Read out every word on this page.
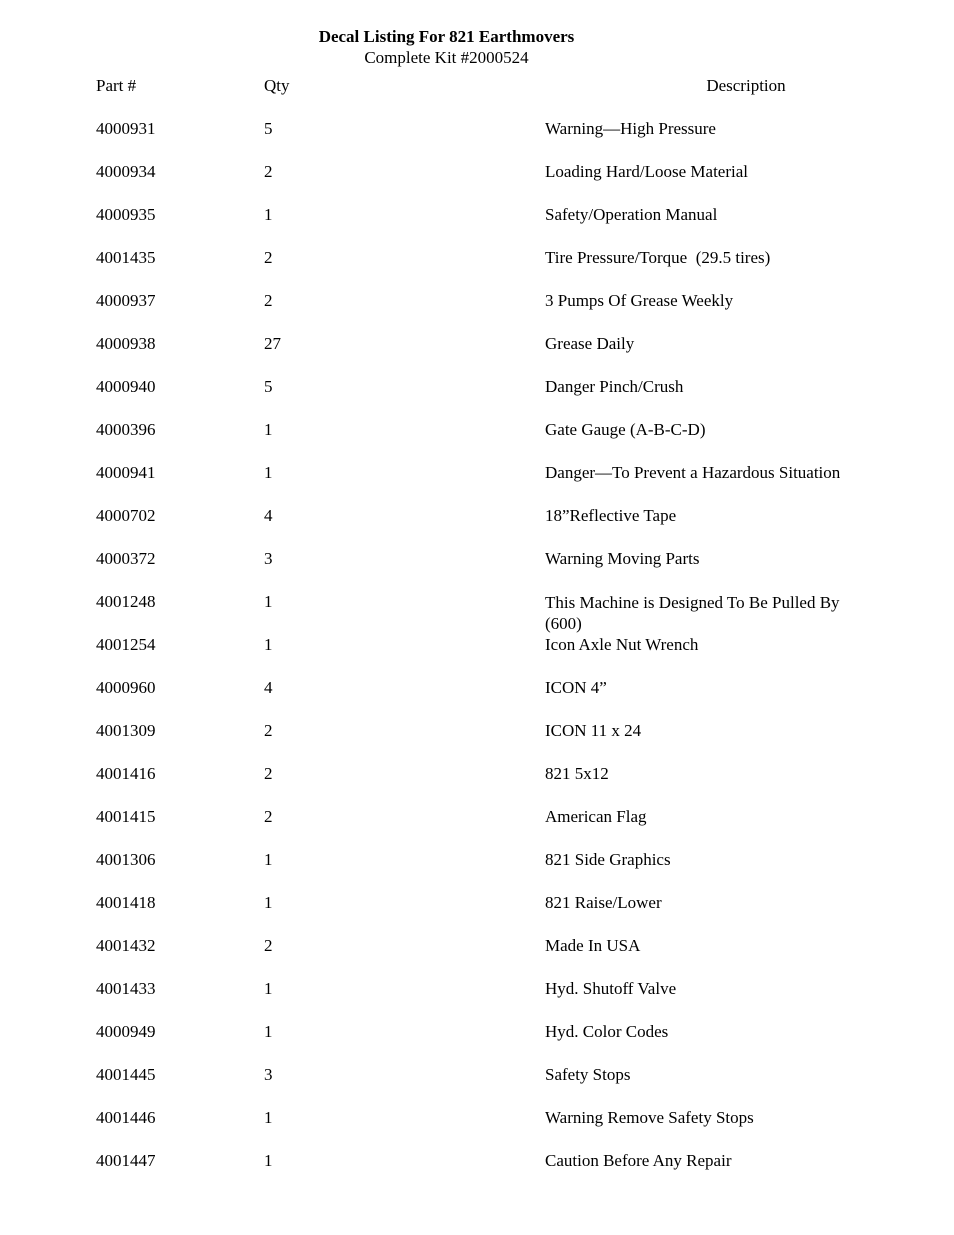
Decal Listing For 821 Earthmovers
Complete Kit #2000524
Part #	Qty	Description
4000931	5	Warning—High Pressure
4000934	2	Loading Hard/Loose Material
4000935	1	Safety/Operation Manual
4001435	2	Tire Pressure/Torque  (29.5 tires)
4000937	2	3 Pumps Of Grease Weekly
4000938	27	Grease Daily
4000940	5	Danger Pinch/Crush
4000396	1	Gate Gauge (A-B-C-D)
4000941	1	Danger—To Prevent a Hazardous Situation
4000702	4	18”Reflective Tape
4000372	3	Warning Moving Parts
4001248	1	This Machine is Designed To Be Pulled By (600)
4001254	1	Icon Axle Nut Wrench
4000960	4	ICON 4”
4001309	2	ICON 11 x 24
4001416	2	821 5x12
4001415	2	American Flag
4001306	1	821 Side Graphics
4001418	1	821 Raise/Lower
4001432	2	Made In USA
4001433	1	Hyd. Shutoff Valve
4000949	1	Hyd. Color Codes
4001445	3	Safety Stops
4001446	1	Warning Remove Safety Stops
4001447	1	Caution Before Any Repair
